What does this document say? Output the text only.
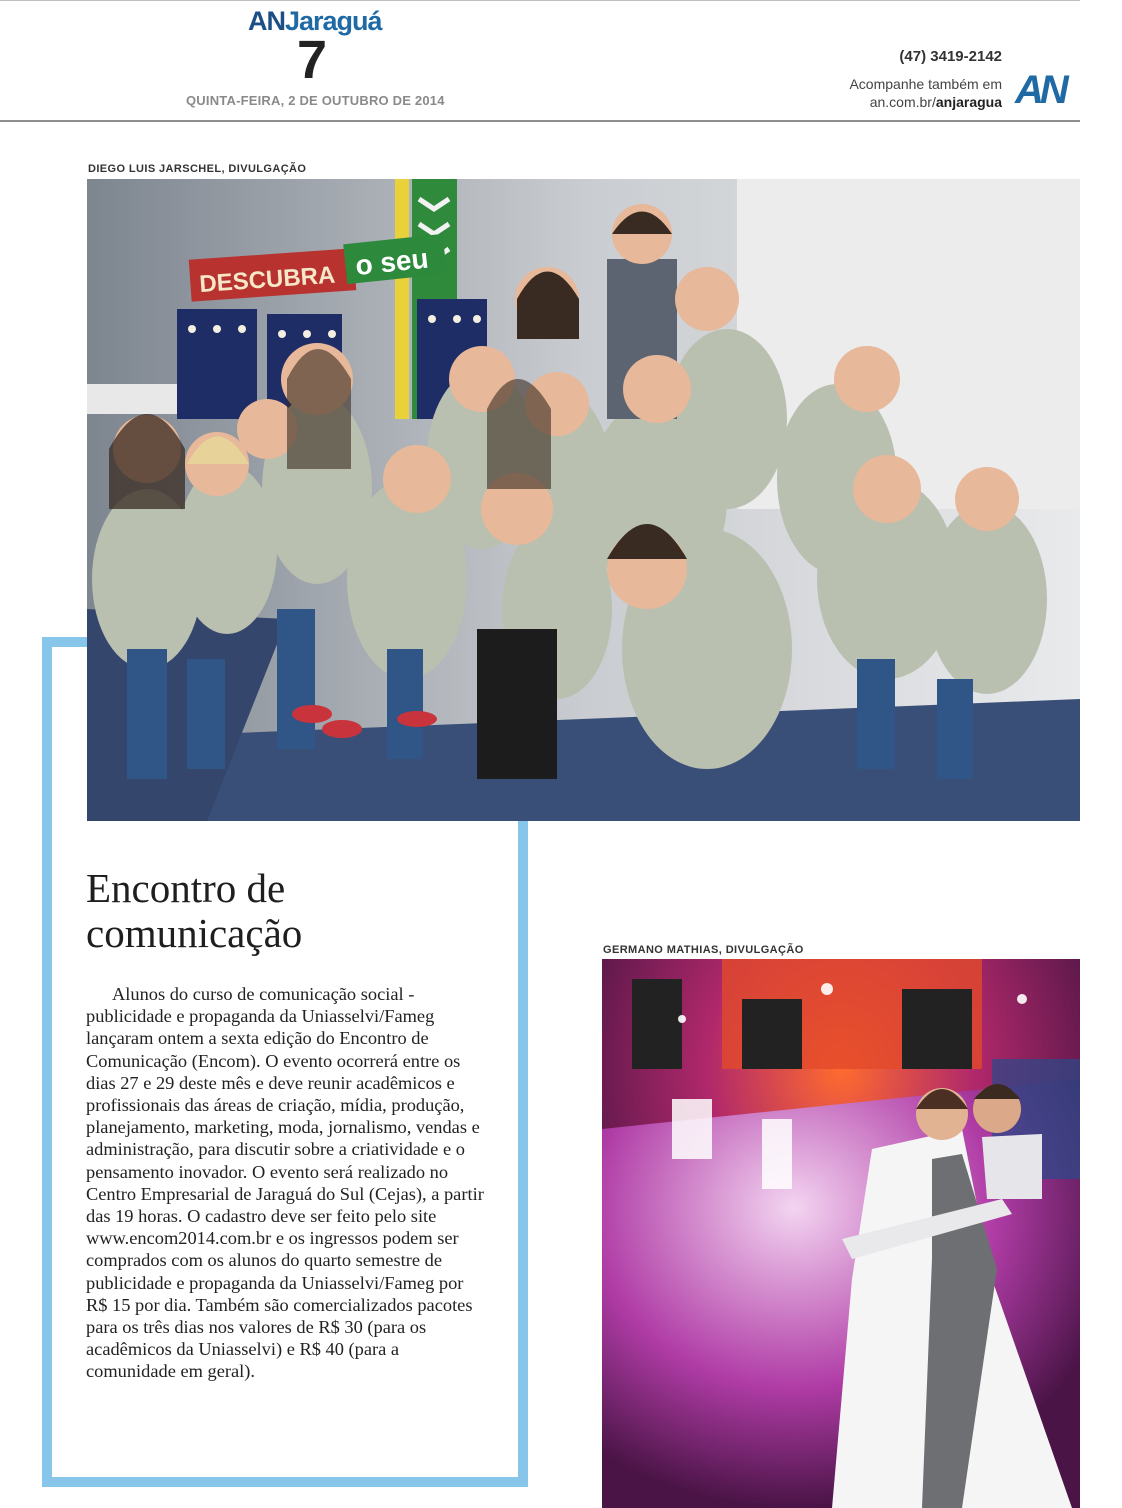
ANJaraguá
7
QUINTA-FEIRA, 2 DE OUTUBRO DE 2014
(47) 3419-2142
Acompanhe também em
an.com.br/anjaragua AN
DIEGO LUIS JARSCHEL, DIVULGAÇÃO
DESCUBRA o seu
Encontro de comunicação

Alunos do curso de comunicação social - publicidade e propaganda da Uniasselvi/Fameg lançaram ontem a sexta edição do Encontro de Comunicação (Encom). O evento ocorrerá entre os dias 27 e 29 deste mês e deve reunir acadêmicos e profissionais das áreas de criação, mídia, produção, planejamento, marketing, moda, jornalismo, vendas e administração, para discutir sobre a criatividade e o pensamento inovador. O evento será realizado no Centro Empresarial de Jaraguá do Sul (Cejas), a partir das 19 horas. O cadastro deve ser feito pelo site www.encom2014.com.br e os ingressos podem ser comprados com os alunos do quarto semestre de publicidade e propaganda da Uniasselvi/Fameg por R$ 15 por dia. Também são comercializados pacotes para os três dias nos valores de R$ 30 (para os acadêmicos da Uniasselvi) e R$ 40 (para a comunidade em geral).

GERMANO MATHIAS, DIVULGAÇÃO
